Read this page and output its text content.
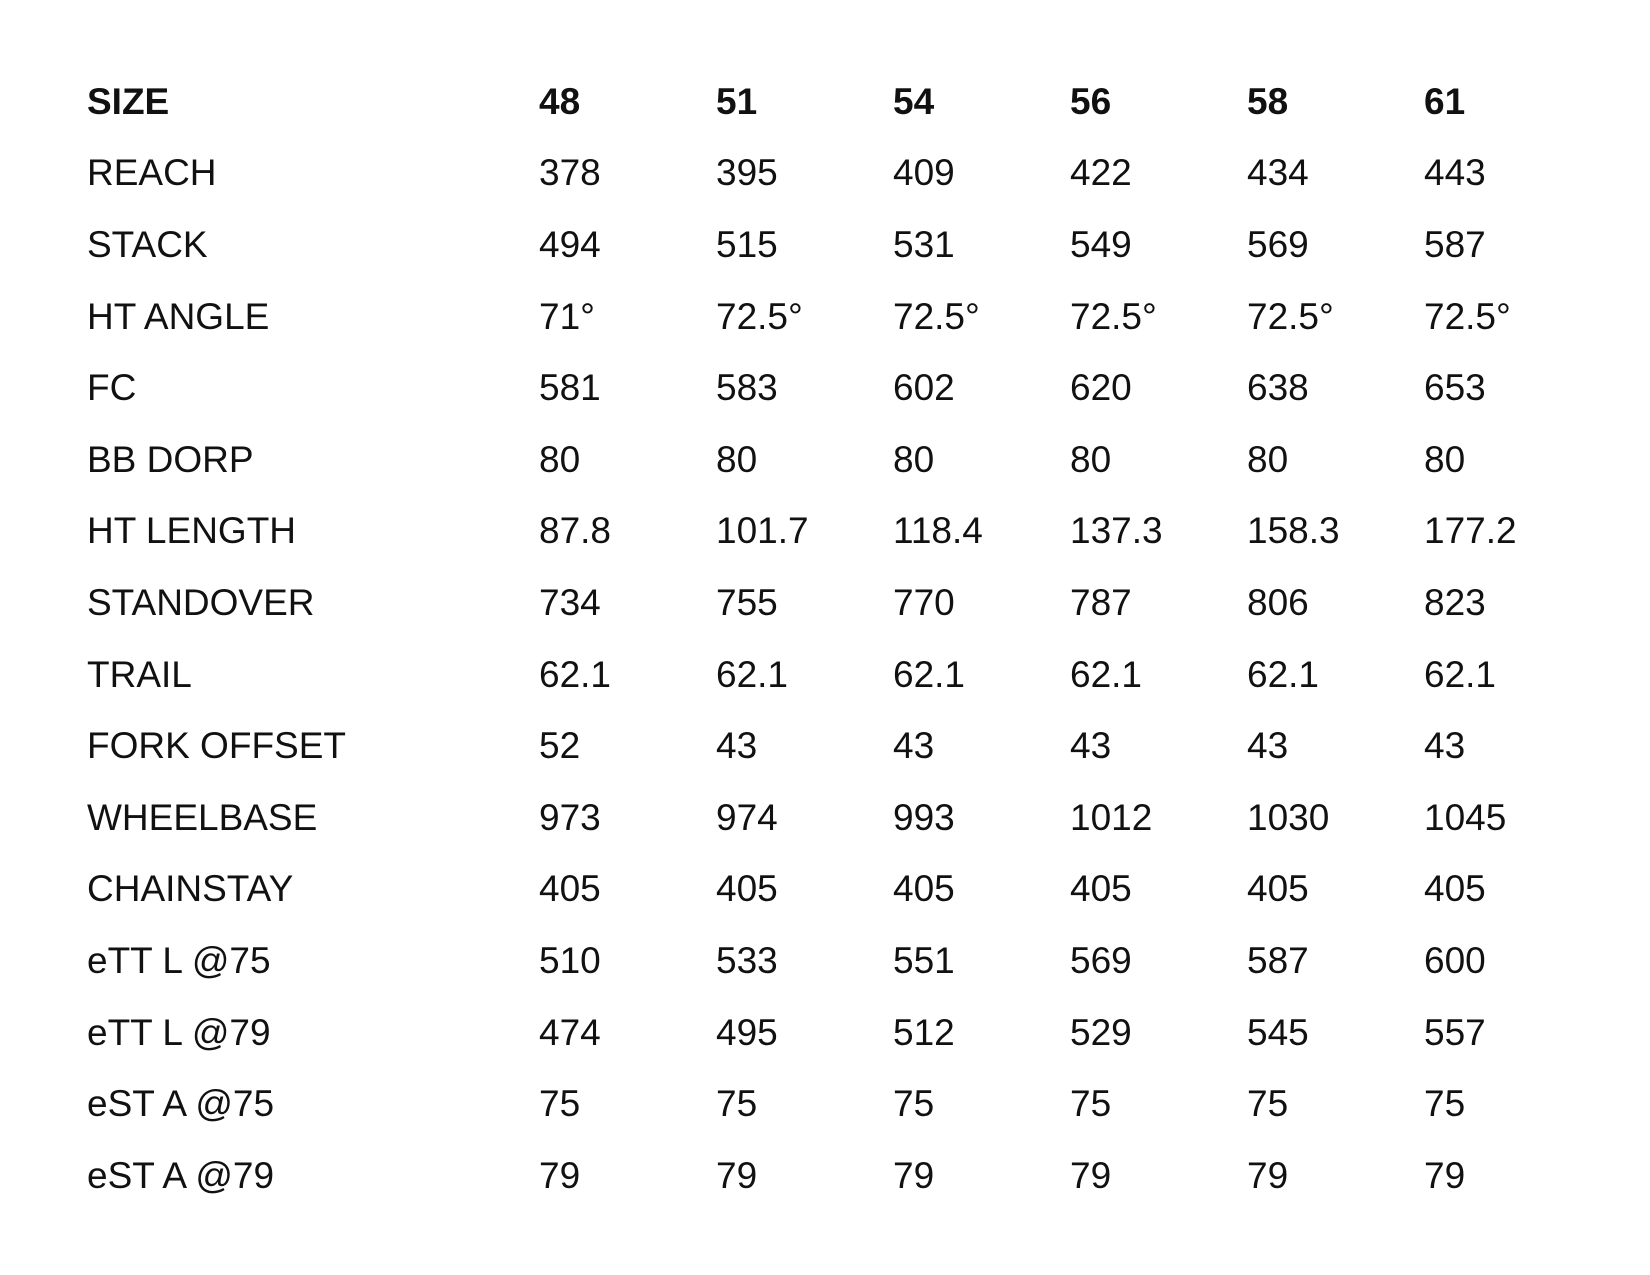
SIZE	48	51	54	56	58	61
REACH	378	395	409	422	434	443
STACK	494	515	531	549	569	587
HT ANGLE	71°	72.5°	72.5°	72.5°	72.5°	72.5°
FC	581	583	602	620	638	653
BB DORP	80	80	80	80	80	80
HT LENGTH	87.8	101.7	118.4	137.3	158.3	177.2
STANDOVER	734	755	770	787	806	823
TRAIL	62.1	62.1	62.1	62.1	62.1	62.1
FORK OFFSET	52	43	43	43	43	43
WHEELBASE	973	974	993	1012	1030	1045
CHAINSTAY	405	405	405	405	405	405
eTT L @75	510	533	551	569	587	600
eTT L @79	474	495	512	529	545	557
eST A @75	75	75	75	75	75	75
eST A @79	79	79	79	79	79	79
